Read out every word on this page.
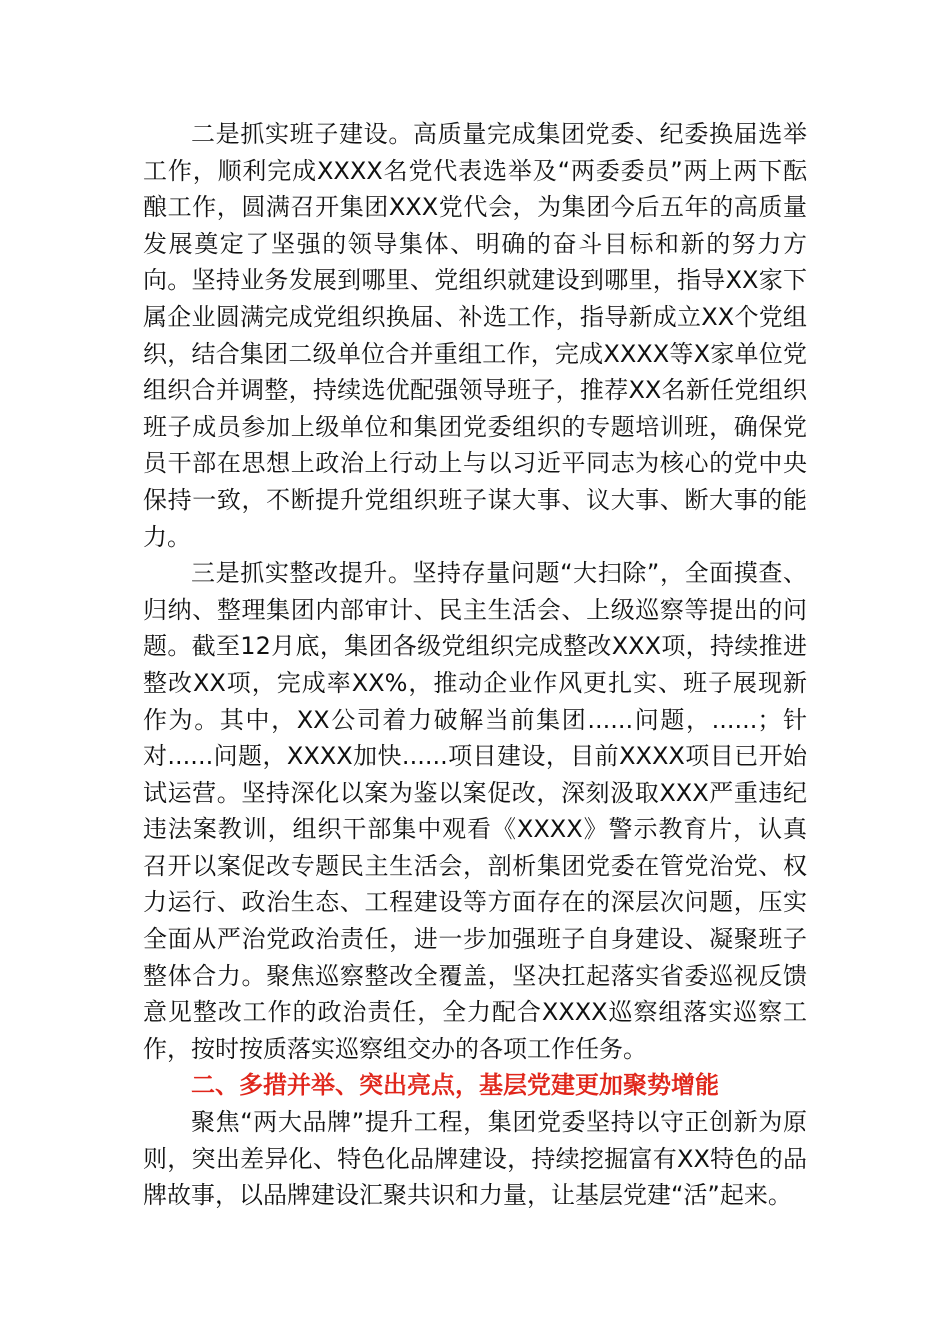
二是抓实班子建设。高质量完成集团党委、纪委换届选举工作，顺利完成XXXX名党代表选举及“两委委员”两上两下酝酿工作，圆满召开集团XXX党代会，为集团今后五年的高质量发展奠定了坚强的领导集体、明确的奋斗目标和新的努力方向。坚持业务发展到哪里、党组织就建设到哪里，指导XX家下属企业圆满完成党组织换届、补选工作，指导新成立XX个党组织，结合集团二级单位合并重组工作，完成XXXX等X家单位党组织合并调整，持续选优配强领导班子，推荐XX名新任党组织班子成员参加上级单位和集团党委组织的专题培训班，确保党员干部在思想上政治上行动上与以习近平同志为核心的党中央保持一致，不断提升党组织班子谋大事、议大事、断大事的能力。

三是抓实整改提升。坚持存量问题“大扫除”，全面摸查、归纳、整理集团内部审计、民主生活会、上级巡察等提出的问题。截至12月底，集团各级党组织完成整改XXX项，持续推进整改XX项，完成率XX%，推动企业作风更扎实、班子展现新作为。其中，XX公司着力破解当前集团......问题，......；针对......问题，XXXX加快......项目建设，目前XXXX项目已开始试运营。坚持深化以案为鉴以案促改，深刻汲取XXX严重违纪违法案教训，组织干部集中观看《XXXX》警示教育片，认真召开以案促改专题民主生活会，剖析集团党委在管党治党、权力运行、政治生态、工程建设等方面存在的深层次问题，压实全面从严治党政治责任，进一步加强班子自身建设、凝聚班子整体合力。聚焦巡察整改全覆盖，坚决扛起落实省委巡视反馈意见整改工作的政治责任，全力配合XXXX巡察组落实巡察工作，按时按质落实巡察组交办的各项工作任务。

二、多措并举、突出亮点，基层党建更加聚势增能

聚焦“两大品牌”提升工程，集团党委坚持以守正创新为原则，突出差异化、特色化品牌建设，持续挖掘富有XX特色的品牌故事，以品牌建设汇聚共识和力量，让基层党建“活”起来。
